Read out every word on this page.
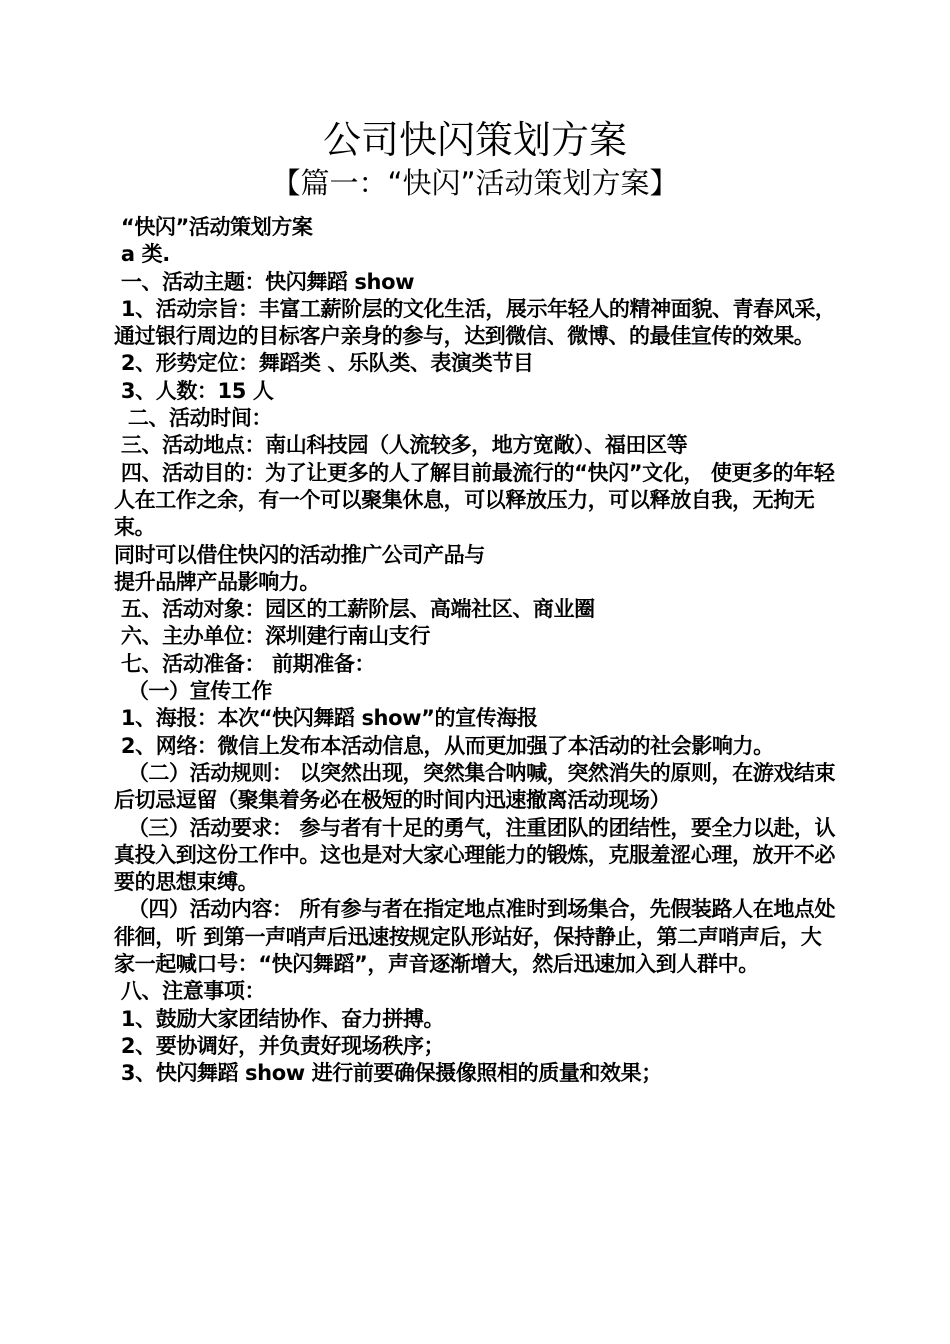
公司快闪策划方案
【篇一：“快闪”活动策划方案】

“快闪”活动策划方案

a 类.

一、活动主题：快闪舞蹈 show

1、活动宗旨：丰富工薪阶层的文化生活，展示年轻人的精神面貌、青春风采，通过银行周边的目标客户亲身的参与，达到微信、微博、的最佳宣传的效果。

2、形势定位：舞蹈类 、乐队类、表演类节目

3、人数：15 人

二、活动时间：

三、活动地点：南山科技园（人流较多，地方宽敞）、福田区等

四、活动目的：为了让更多的人了解目前最流行的“快闪”文化， 使更多的年轻人在工作之余，有一个可以聚集休息，可以释放压力，可以释放自我，无拘无束。

同时可以借住快闪的活动推广公司产品与

提升品牌产品影响力。

五、活动对象：园区的工薪阶层、高端社区、商业圈

六、主办单位：深圳建行南山支行

七、活动准备： 前期准备：

（一）宣传工作

1、海报：本次“快闪舞蹈 show”的宣传海报

2、网络：微信上发布本活动信息，从而更加强了本活动的社会影响力。

（二）活动规则： 以突然出现，突然集合呐喊，突然消失的原则，在游戏结束后切忌逗留（聚集着务必在极短的时间内迅速撤离活动现场）

（三）活动要求： 参与者有十足的勇气，注重团队的团结性，要全力以赴，认真投入到这份工作中。这也是对大家心理能力的锻炼，克服羞涩心理，放开不必要的思想束缚。

（四）活动内容： 所有参与者在指定地点准时到场集合，先假装路人在地点处徘徊，听 到第一声哨声后迅速按规定队形站好，保持静止，第二声哨声后，大家一起喊口号：“快闪舞蹈”，声音逐渐增大，然后迅速加入到人群中。

八、注意事项：

1、鼓励大家团结协作、奋力拼搏。

2、要协调好，并负责好现场秩序；

3、快闪舞蹈 show 进行前要确保摄像照相的质量和效果；
